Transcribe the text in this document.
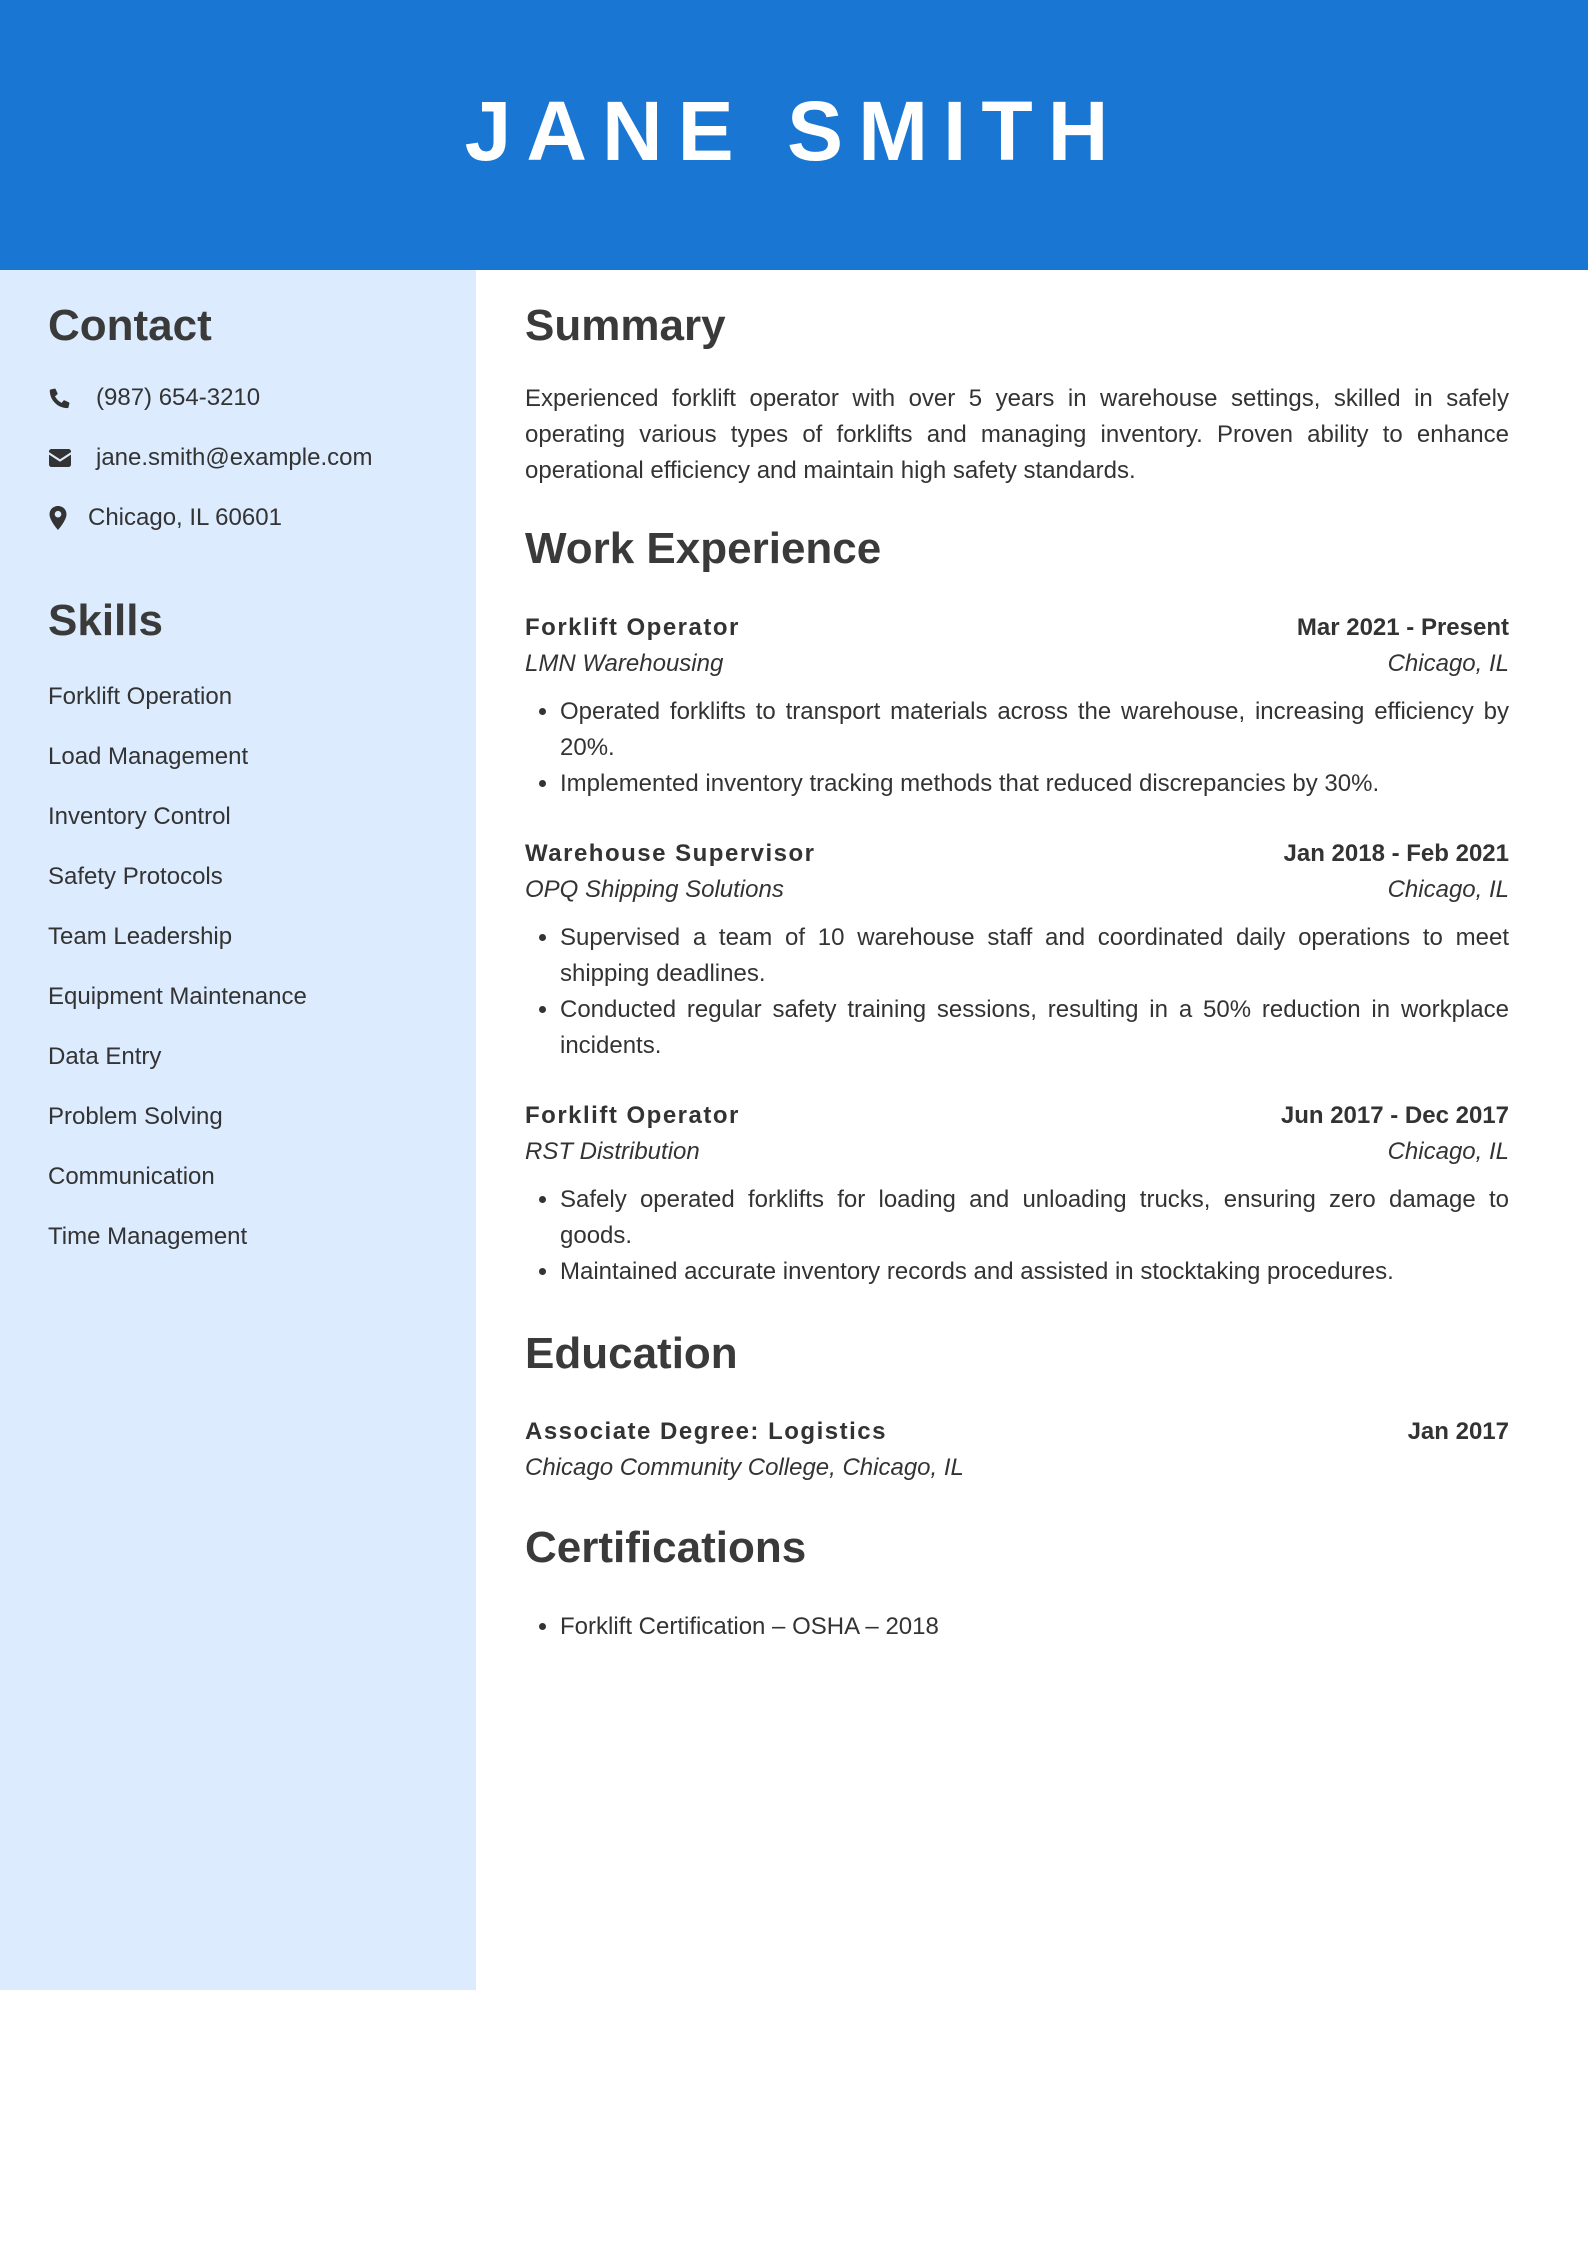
JANE SMITH
Contact
(987) 654-3210
jane.smith@example.com
Chicago, IL 60601
Skills
Forklift Operation
Load Management
Inventory Control
Safety Protocols
Team Leadership
Equipment Maintenance
Data Entry
Problem Solving
Communication
Time Management
Summary
Experienced forklift operator with over 5 years in warehouse settings, skilled in safely operating various types of forklifts and managing inventory. Proven ability to enhance operational efficiency and maintain high safety standards.
Work Experience
Forklift Operator	Mar 2021 - Present
LMN Warehousing	Chicago, IL
• Operated forklifts to transport materials across the warehouse, increasing efficiency by 20%.
• Implemented inventory tracking methods that reduced discrepancies by 30%.
Warehouse Supervisor	Jan 2018 - Feb 2021
OPQ Shipping Solutions	Chicago, IL
• Supervised a team of 10 warehouse staff and coordinated daily operations to meet shipping deadlines.
• Conducted regular safety training sessions, resulting in a 50% reduction in workplace incidents.
Forklift Operator	Jun 2017 - Dec 2017
RST Distribution	Chicago, IL
• Safely operated forklifts for loading and unloading trucks, ensuring zero damage to goods.
• Maintained accurate inventory records and assisted in stocktaking procedures.
Education
Associate Degree: Logistics	Jan 2017
Chicago Community College, Chicago, IL
Certifications
• Forklift Certification – OSHA – 2018
